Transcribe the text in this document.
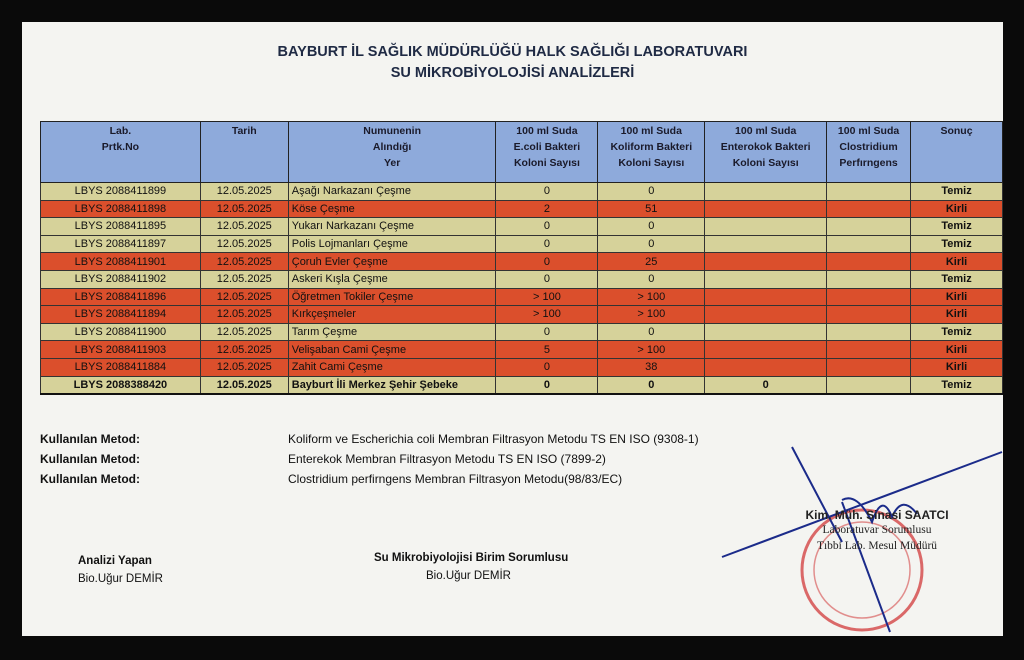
BAYBURT İL SAĞLIK MÜDÜRLÜĞÜ HALK SAĞLIĞI LABORATUVARI
SU MİKROBİYOLOJİSİ ANALİZLERİ
Lab.
Prtk.No	Tarih	Numunenin
Alındığı
Yer	100 ml Suda
E.coli Bakteri
Koloni Sayısı	100 ml Suda
Koliform Bakteri
Koloni Sayısı	100 ml Suda
Enterokok Bakteri
Koloni Sayısı	100 ml Suda
Clostridium
Perfırngens	Sonuç
LBYS 2088411899	12.05.2025	Aşağı Narkazanı Çeşme	0	0			Temiz
LBYS 2088411898	12.05.2025	Köse Çeşme	2	51			Kirli
LBYS 2088411895	12.05.2025	Yukarı Narkazanı Çeşme	0	0			Temiz
LBYS 2088411897	12.05.2025	Polis Lojmanları Çeşme	0	0			Temiz
LBYS 2088411901	12.05.2025	Çoruh Evler Çeşme	0	25			Kirli
LBYS 2088411902	12.05.2025	Askeri Kışla Çeşme	0	0			Temiz
LBYS 2088411896	12.05.2025	Öğretmen Tokiler Çeşme	> 100	> 100			Kirli
LBYS 2088411894	12.05.2025	Kırkçeşmeler	> 100	> 100			Kirli
LBYS 2088411900	12.05.2025	Tarım Çeşme	0	0			Temiz
LBYS 2088411903	12.05.2025	Velişaban Cami Çeşme	5	> 100			Kirli
LBYS 2088411884	12.05.2025	Zahit Cami Çeşme	0	38			Kirli
LBYS 2088388420	12.05.2025	Bayburt İli Merkez Şehir Şebeke	0	0	0		Temiz
Kullanılan Metod:	Koliform ve Escherichia coli Membran Filtrasyon Metodu TS EN ISO (9308-1)
Kullanılan Metod:	Enterekok Membran Filtrasyon Metodu TS EN ISO (7899-2)
Kullanılan Metod:	Clostridium perfirngens Membran Filtrasyon Metodu(98/83/EC)
Analizi Yapan
Bio.Uğur DEMİR
Su Mikrobiyolojisi Birim Sorumlusu
Bio.Uğur DEMİR
Kim. Müh. Sinasi SAATCI
Laboratuvar Sorumlusu
Tıbbi Lab. Mesul Müdürü
